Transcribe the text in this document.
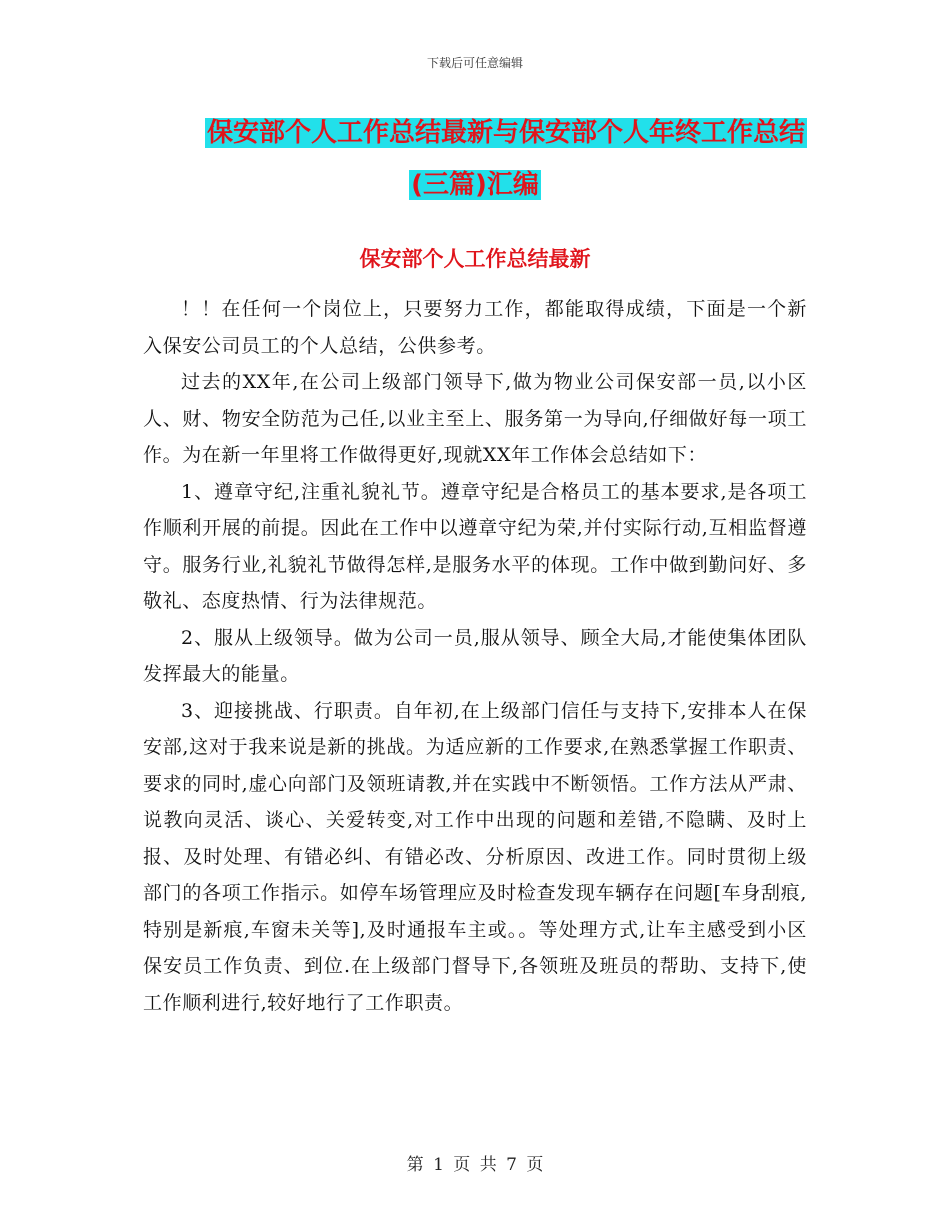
下载后可任意编辑
保安部个人工作总结最新与保安部个人年终工作总结
(三篇)汇编
保安部个人工作总结最新

！！在任何一个岗位上，只要努力工作，都能取得成绩，下面是一个新入保安公司员工的个人总结，公供参考。

过去的XX年,在公司上级部门领导下,做为物业公司保安部一员,以小区人、财、物安全防范为己任,以业主至上、服务第一为导向,仔细做好每一项工作。为在新一年里将工作做得更好,现就XX年工作体会总结如下：

1、遵章守纪,注重礼貌礼节。遵章守纪是合格员工的基本要求,是各项工作顺利开展的前提。因此在工作中以遵章守纪为荣,并付实际行动,互相监督遵守。服务行业,礼貌礼节做得怎样,是服务水平的体现。工作中做到勤问好、多敬礼、态度热情、行为法律规范。

2、服从上级领导。做为公司一员,服从领导、顾全大局,才能使集体团队发挥最大的能量。

3、迎接挑战、行职责。自年初,在上级部门信任与支持下,安排本人在保安部,这对于我来说是新的挑战。为适应新的工作要求,在熟悉掌握工作职责、要求的同时,虚心向部门及领班请教,并在实践中不断领悟。工作方法从严肃、说教向灵活、谈心、关爱转变,对工作中出现的问题和差错,不隐瞒、及时上报、及时处理、有错必纠、有错必改、分析原因、改进工作。同时贯彻上级部门的各项工作指示。如停车场管理应及时检查发现车辆存在问题[车身刮痕,特别是新痕,车窗未关等],及时通报车主或。。等处理方式,让车主感受到小区保安员工作负责、到位.在上级部门督导下,各领班及班员的帮助、支持下,使工作顺利进行,较好地行了工作职责。

第 1 页 共 7 页
